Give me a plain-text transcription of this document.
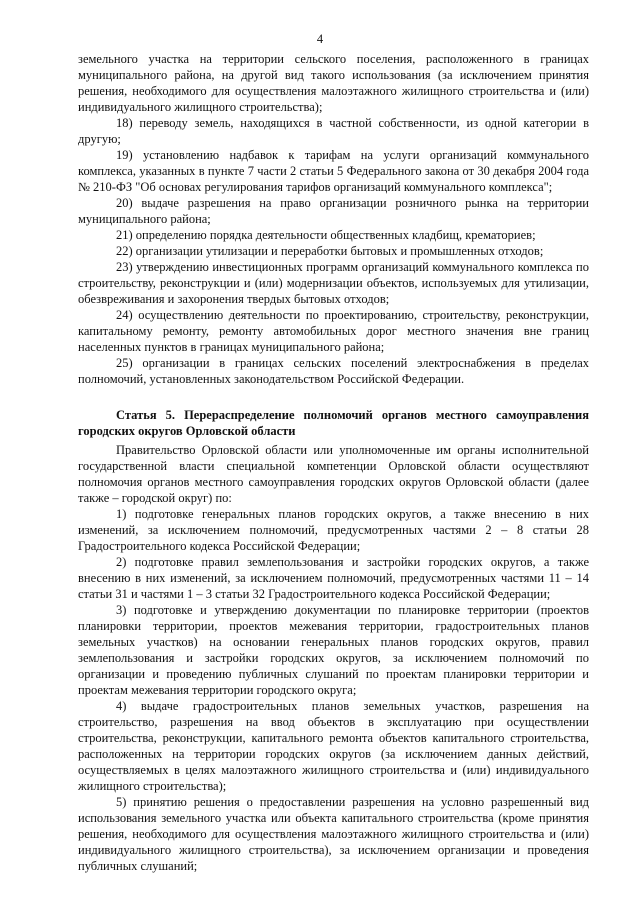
4

земельного участка на территории сельского поселения, расположенного в границах муниципального района, на другой вид такого использования (за исключением принятия решения, необходимого для осуществления малоэтажного жилищного строительства и (или) индивидуального жилищного строительства);

18) переводу земель, находящихся в частной собственности, из одной категории в другую;

19) установлению надбавок к тарифам на услуги организаций коммунального комплекса, указанных в пункте 7 части 2 статьи 5 Федерального закона от 30 декабря 2004 года № 210-ФЗ "Об основах регулирования тарифов организаций коммунального комплекса";

20) выдаче разрешения на право организации розничного рынка на территории муниципального района;

21) определению порядка деятельности общественных кладбищ, крематориев;

22) организации утилизации и переработки бытовых и промышленных отходов;

23) утверждению инвестиционных программ организаций коммунального комплекса по строительству, реконструкции и (или) модернизации объектов, используемых для утилизации, обезвреживания и захоронения твердых бытовых отходов;

24) осуществлению деятельности по проектированию, строительству, реконструкции, капитальному ремонту, ремонту автомобильных дорог местного значения вне границ населенных пунктов в границах муниципального района;

25) организации в границах сельских поселений электроснабжения в пределах полномочий, установленных законодательством Российской Федерации.

Статья 5. Перераспределение полномочий органов местного самоуправления городских округов Орловской области

Правительство Орловской области или уполномоченные им органы исполнительной государственной власти специальной компетенции Орловской области осуществляют полномочия органов местного самоуправления городских округов Орловской области (далее также – городской округ) по:

1) подготовке генеральных планов городских округов, а также внесению в них изменений, за исключением полномочий, предусмотренных частями 2 – 8 статьи 28 Градостроительного кодекса Российской Федерации;

2) подготовке правил землепользования и застройки городских округов, а также внесению в них изменений, за исключением полномочий, предусмотренных частями 11 – 14 статьи 31 и частями 1 – 3 статьи 32 Градостроительного кодекса Российской Федерации;

3) подготовке и утверждению документации по планировке территории (проектов планировки территории, проектов межевания территории, градостроительных планов земельных участков) на основании генеральных планов городских округов, правил землепользования и застройки городских округов, за исключением полномочий по организации и проведению публичных слушаний по проектам планировки территории и проектам межевания территории городского округа;

4) выдаче градостроительных планов земельных участков, разрешения на строительство, разрешения на ввод объектов в эксплуатацию при осуществлении строительства, реконструкции, капитального ремонта объектов капитального строительства, расположенных на территории городских округов (за исключением данных действий, осуществляемых в целях малоэтажного жилищного строительства и (или) индивидуального жилищного строительства);

5) принятию решения о предоставлении разрешения на условно разрешенный вид использования земельного участка или объекта капитального строительства (кроме принятия решения, необходимого для осуществления малоэтажного жилищного строительства и (или) индивидуального жилищного строительства), за исключением организации и проведения публичных слушаний;
